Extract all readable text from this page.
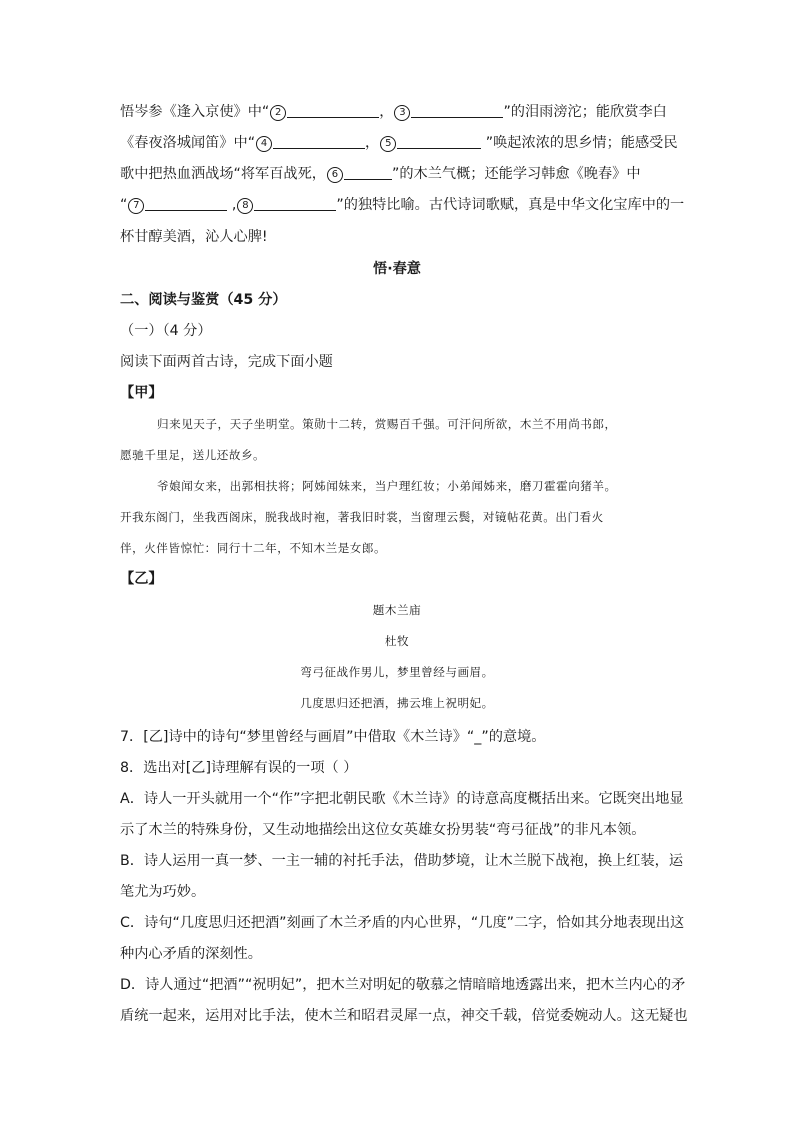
悟岑参《逢入京使》中“ 2	， 3	”的泪雨滂沱；能欣赏李白
《春夜洛城闻笛》中“ 4	， 5	”唤起浓浓的思乡情；能感受民
歌中把热血洒战场“将军百战死， 6	”的木兰气概；还能学习韩愈《晚春》中
“ 7	, 8	”的独特比喻。古代诗词歌赋，真是中华文化宝库中的一
杯甘醇美酒，沁人心脾!
悟·春意
二、阅读与鉴赏（45 分）
（一）（4 分）
阅读下面两首古诗，完成下面小题
【甲】
归来见天子，天子坐明堂。策勋十二转，赏赐百千强。可汗问所欲，木兰不用尚书郎，
愿驰千里足，送儿还故乡。
爷娘闻女来，出郭相扶将；阿姊闻妹来，当户理红妆；小弟闻姊来，磨刀霍霍向猪羊。
开我东阁门，坐我西阁床，脱我战时袍，著我旧时裳，当窗理云鬓，对镜帖花黄。出门看火
伴，火伴皆惊忙：同行十二年，不知木兰是女郎。
【乙】
题木兰庙
杜牧
弯弓征战作男儿，梦里曾经与画眉。
几度思归还把酒，拂云堆上祝明妃。
7．[乙]诗中的诗句“梦里曾经与画眉”中借取《木兰诗》“_”的意境。
8．选出对[乙]诗理解有误的一项（ ）
A．诗人一开头就用一个“作”字把北朝民歌《木兰诗》的诗意高度概括出来。它既突出地显
示了木兰的特殊身份，又生动地描绘出这位女英雄女扮男装“弯弓征战”的非凡本领。
B．诗人运用一真一梦、一主一辅的衬托手法，借助梦境，让木兰脱下战袍，换上红装，运
笔尤为巧妙。
C．诗句“几度思归还把酒”刻画了木兰矛盾的内心世界，“几度”二字，恰如其分地表现出这
种内心矛盾的深刻性。
D．诗人通过“把酒”“祝明妃”，把木兰对明妃的敬慕之情暗暗地透露出来，把木兰内心的矛
盾统一起来，运用对比手法，使木兰和昭君灵犀一点，神交千载，倍觉委婉动人。这无疑也
